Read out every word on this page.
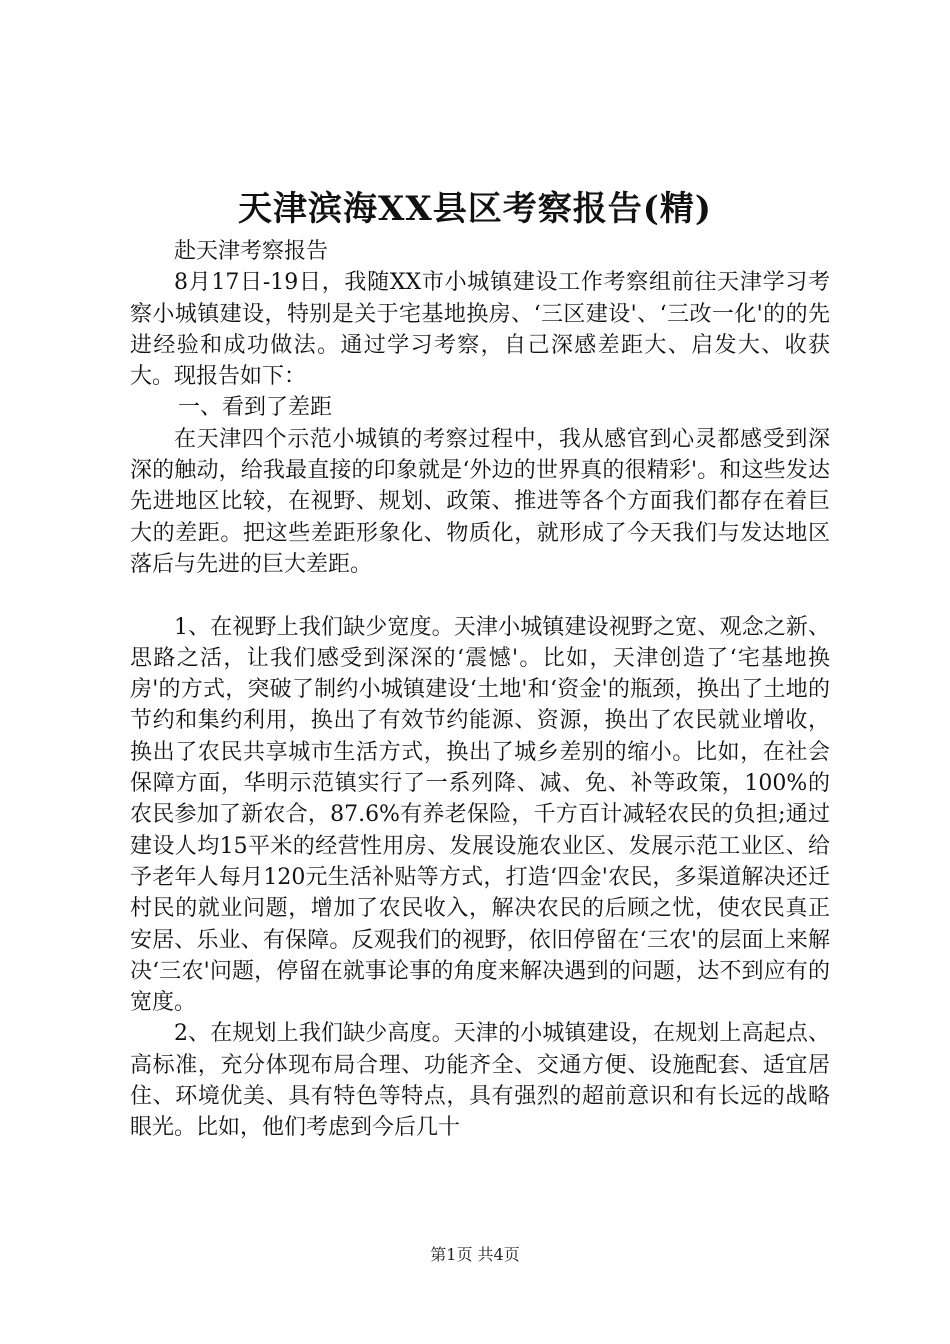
天津滨海XX县区考察报告(精)

赴天津考察报告

8月17日-19日，我随XX市小城镇建设工作考察组前往天津学习考察小城镇建设，特别是关于宅基地换房、‘三区建设'、‘三改一化'的的先进经验和成功做法。通过学习考察，自己深感差距大、启发大、收获大。现报告如下：

一、看到了差距

在天津四个示范小城镇的考察过程中，我从感官到心灵都感受到深深的触动，给我最直接的印象就是‘外边的世界真的很精彩'。和这些发达先进地区比较，在视野、规划、政策、推进等各个方面我们都存在着巨大的差距。把这些差距形象化、物质化，就形成了今天我们与发达地区落后与先进的巨大差距。

1、在视野上我们缺少宽度。天津小城镇建设视野之宽、观念之新、思路之活，让我们感受到深深的‘震憾'。比如，天津创造了‘宅基地换房'的方式，突破了制约小城镇建设‘土地'和‘资金'的瓶颈，换出了土地的节约和集约利用，换出了有效节约能源、资源，换出了农民就业增收，换出了农民共享城市生活方式，换出了城乡差别的缩小。比如，在社会保障方面，华明示范镇实行了一系列降、减、免、补等政策，100%的农民参加了新农合，87.6%有养老保险，千方百计减轻农民的负担;通过建设人均15平米的经营性用房、发展设施农业区、发展示范工业区、给予老年人每月120元生活补贴等方式，打造‘四金'农民，多渠道解决还迁村民的就业问题，增加了农民收入，解决农民的后顾之忧，使农民真正安居、乐业、有保障。反观我们的视野，依旧停留在‘三农'的层面上来解决‘三农'问题，停留在就事论事的角度来解决遇到的问题，达不到应有的宽度。

2、在规划上我们缺少高度。天津的小城镇建设，在规划上高起点、高标准，充分体现布局合理、功能齐全、交通方便、设施配套、适宜居住、环境优美、具有特色等特点，具有强烈的超前意识和有长远的战略眼光。比如，他们考虑到今后几十

第1页 共4页
